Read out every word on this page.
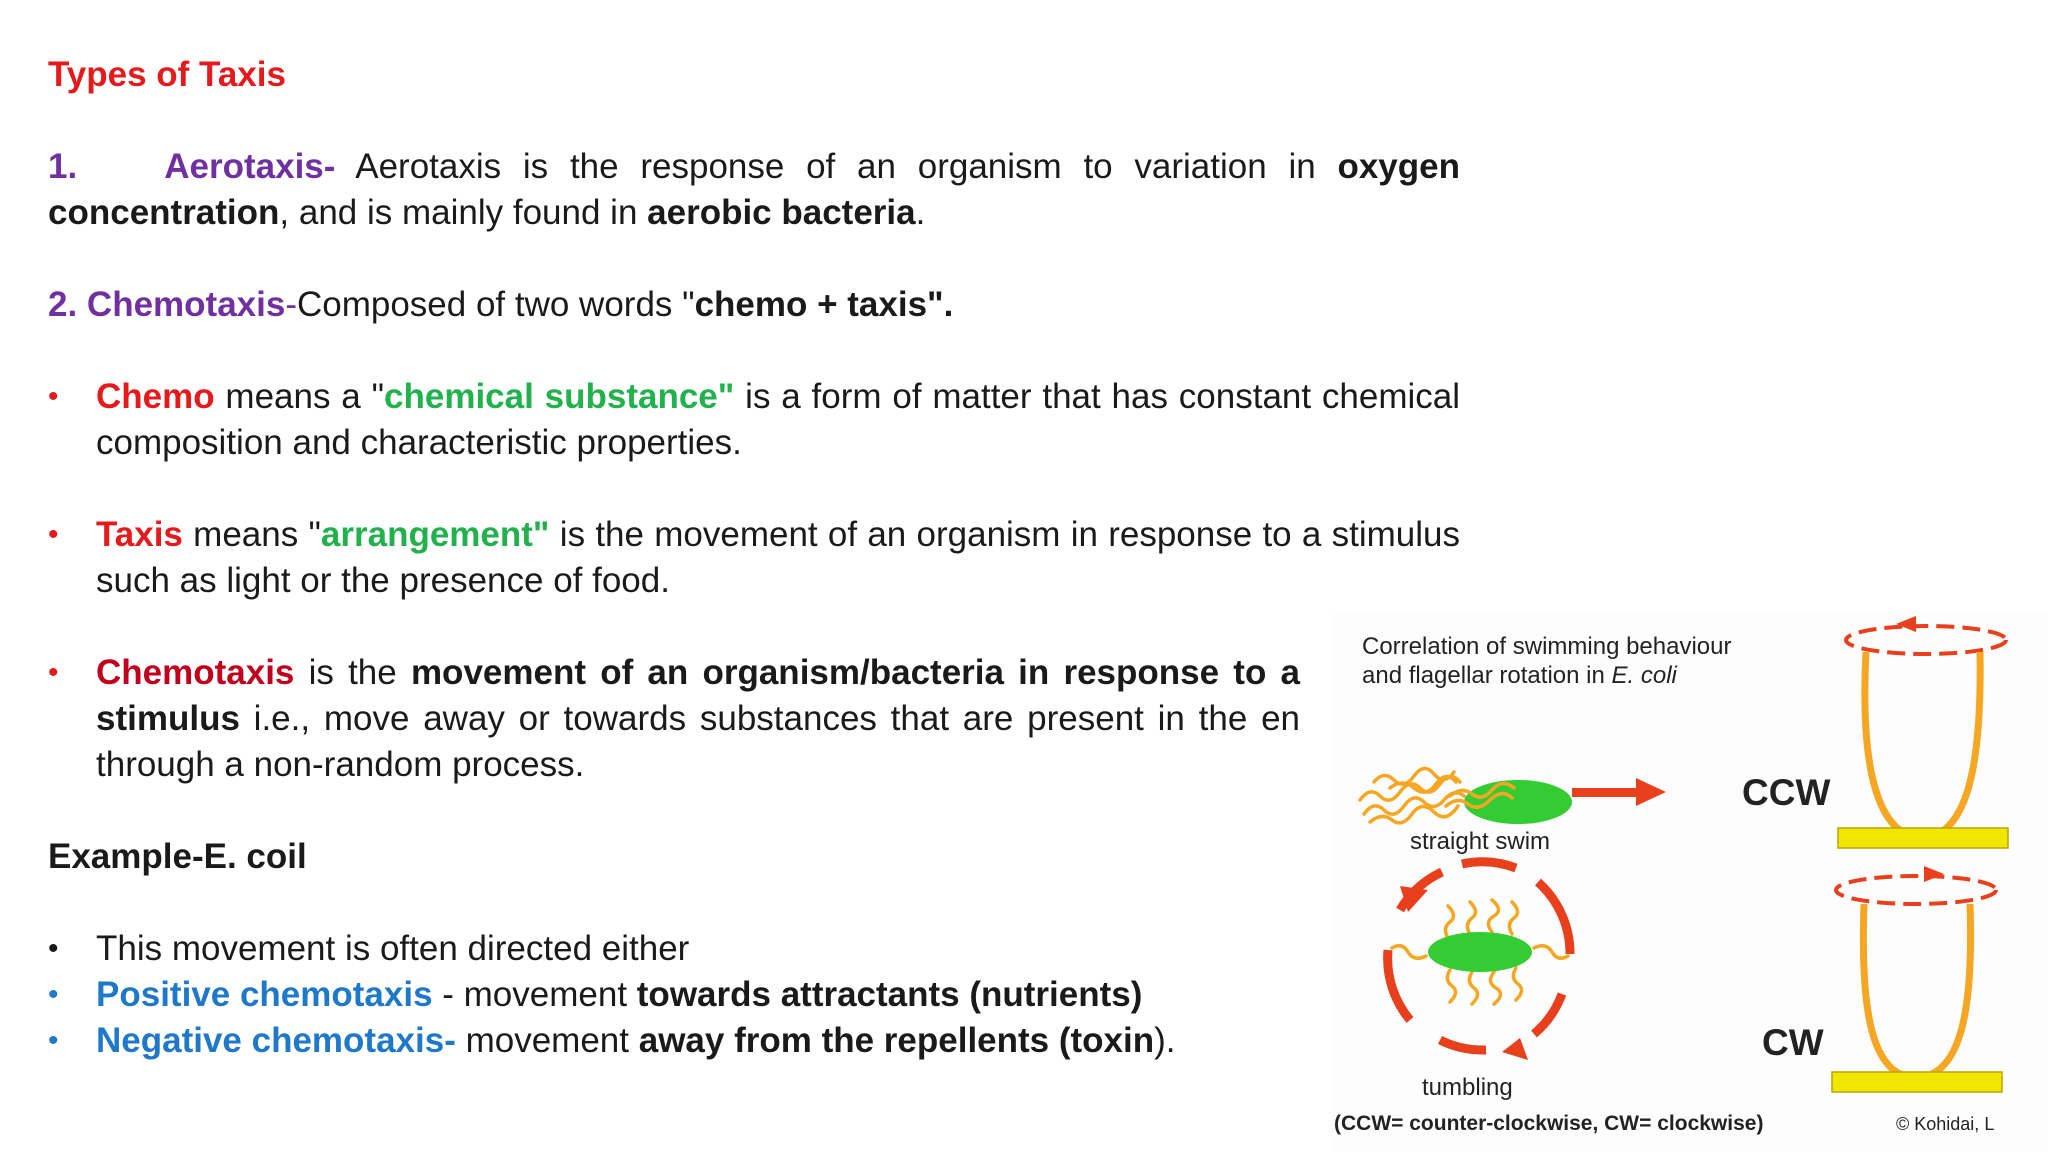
Types of Taxis
1. Aerotaxis- Aerotaxis is the response of an organism to variation in oxygen
concentration, and is mainly found in aerobic bacteria.
2. Chemotaxis-Composed of two words "chemo + taxis".
• Chemo means a "chemical substance" is a form of matter that has constant chemical
composition and characteristic properties.
• Taxis means "arrangement" is the movement of an organism in response to a stimulus
such as light or the presence of food.
• Chemotaxis is the movement of an organism/bacteria in response to a
stimulus i.e., move away or towards substances that are present in the en
through a non-random process.
Example-E. coil
• This movement is often directed either
• Positive chemotaxis - movement towards attractants (nutrients)
• Negative chemotaxis- movement away from the repellents (toxin).
Correlation of swimming behaviour
and flagellar rotation in E. coli
straight swim
CCW
tumbling
CW
(CCW= counter-clockwise, CW= clockwise)	© Kohidai, L
